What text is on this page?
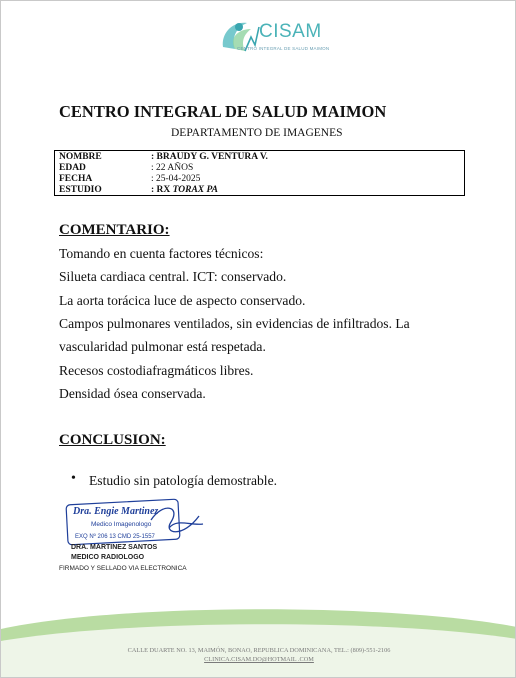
CISAM
CENTRO INTEGRAL DE SALUD MAIMON
CENTRO INTEGRAL DE SALUD MAIMON
DEPARTAMENTO DE IMAGENES
NOMBRE	: BRAUDY G. VENTURA V.
EDAD	: 22 AÑOS
FECHA	: 25-04-2025
ESTUDIO	: RX TORAX PA
COMENTARIO:
Tomando en cuenta factores técnicos:
Silueta cardiaca central. ICT: conservado.
La aorta torácica luce de aspecto conservado.
Campos pulmonares ventilados, sin evidencias de infiltrados. La
vascularidad pulmonar está respetada.
Recesos costodiafragmáticos libres.
Densidad ósea conservada.
CONCLUSION:
• Estudio sin patología demostrable.
Dra. Engie Martinez
Medico Imagenologo
EXQ Nº 206 13 CMD 25-1557
DRA. MARTINEZ SANTOS
MEDICO RADIOLOGO
FIRMADO Y SELLADO VIA ELECTRONICA
CALLE DUARTE NO. 13, MAIMÓN, BONAO, REPUBLICA DOMINICANA, TEL.: (809)-551-2106
CLINICA.CISAM.DO@HOTMAIL .COM
